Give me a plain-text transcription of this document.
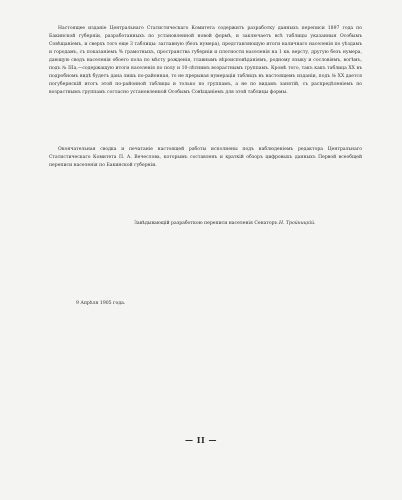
Настоящее изданіе Центральнаго Статистическаго Комитета содержитъ разработку данныхъ переписи 1897 года по Бакинской губерніи, разработанныхъ по установленной новой формѣ, и заключаетъ всѣ таблицы указанныя Особымъ Совѣщаніемъ, и сверхъ того еще 3 таблицы: заглавную (безъ нумера), представляющую итоги наличнаго населенія по уѣздамъ и городамъ, съ показаніемъ % грамотныхъ, пространства губерніи и плотности населенія на 1 кв. версту, другую безъ нумера, дающую сводъ населенія обоего пола по мѣсту рожденія, главнымъ вѣроисповѣданіямъ, родному языку и сословіямъ, вогѣмъ, подъ № IIIа,—содержащую итоги населенія по полу и 10-лѣтнимъ возрастнымъ группамъ. Кромѣ того, такъ какъ таблица XX въ подробномъ видѣ будетъ дана лишь по-районная, то не прерывая нумераціи таблицъ въ настоящемъ изданіи, подъ № XX дается погубернскій итогъ этой по-районной таблицы и только по группамъ, а не по видамъ занятій, съ распредѣленіемъ по возрастнымъ группамъ согласно установленной Особымъ Совѣщаніемъ для этой таблицы формы.

Окончательная сводка и печатаніе настоящей работы исполнены подъ наблюденіемъ редактора Центральнаго Статистическаго Комитета П. А. Вечеслова, которымъ составленъ и краткій обзоръ цифровыхъ данныхъ Первой всеобщей переписи населенія по Бакинской губерніи.

Завѣдывающій разработкою переписи населенія Сенаторъ Н. Тройницкій.
9 Апрѣля 1905 года.
— II —
